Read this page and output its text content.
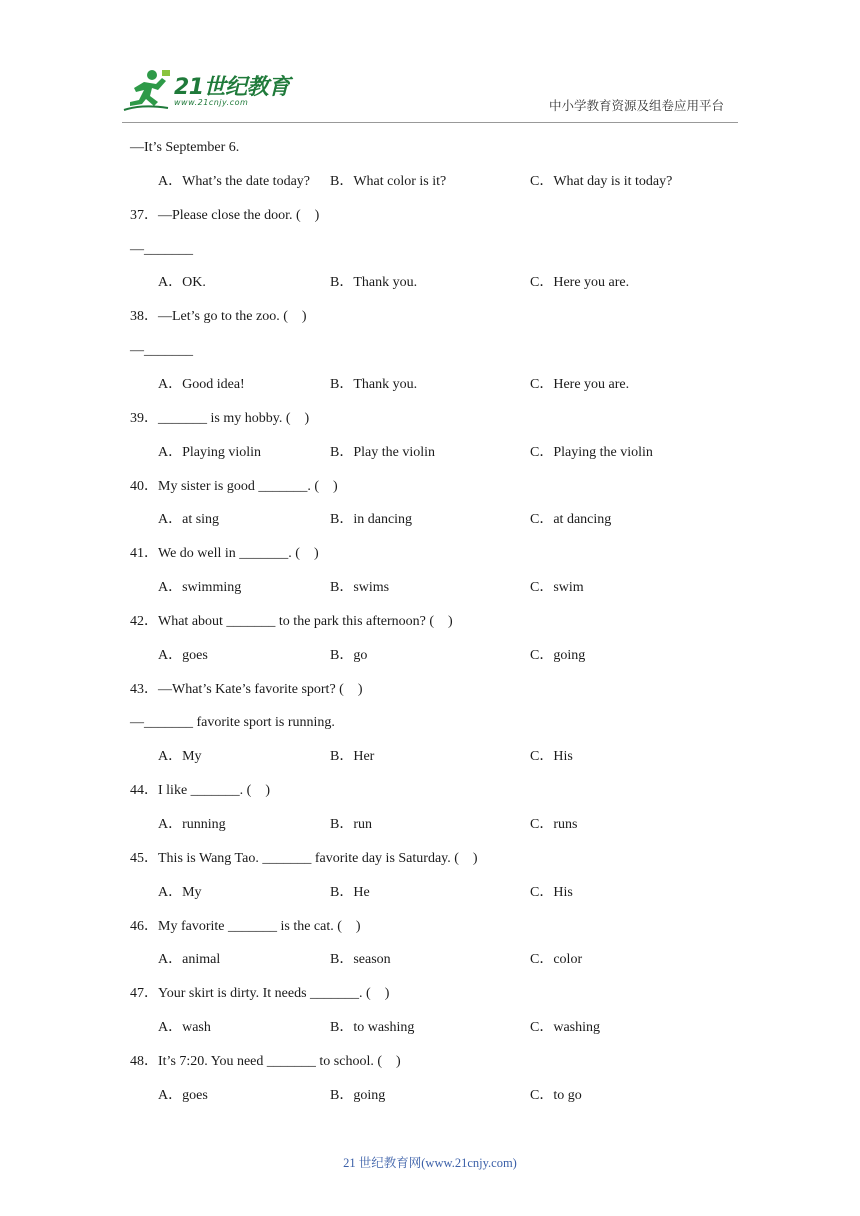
21世纪教育
www.21cnjy.com	中小学教育资源及组卷应用平台
—It’s September 6.
A．What’s the date today? B．What color is it?	C．What day is it today?
37．—Please close the door. (    )
—_______
A．OK.	B．Thank you.	C．Here you are.
38．—Let’s go to the zoo. (    )
—_______
A．Good idea!	B．Thank you.	C．Here you are.
39．_______ is my hobby. (    )
A．Playing violin	B．Play the violin	C．Playing the violin
40．My sister is good _______. (    )
A．at sing	B．in dancing	C．at dancing
41．We do well in _______. (    )
A．swimming	B．swims	C．swim
42．What about _______ to the park this afternoon? (    )
A．goes	B．go	C．going
43．—What’s Kate’s favorite sport? (    )
—_______ favorite sport is running.
A．My	B．Her	C．His
44．I like _______. (    )
A．running	B．run	C．runs
45．This is Wang Tao. _______ favorite day is Saturday. (    )
A．My	B．He	C．His
46．My favorite _______ is the cat. (    )
A．animal	B．season	C．color
47．Your skirt is dirty. It needs _______. (    )
A．wash	B．to washing	C．washing
48．It’s 7:20. You need _______ to school. (    )
A．goes	B．going	C．to go
21 世纪教育网(www.21cnjy.com)
